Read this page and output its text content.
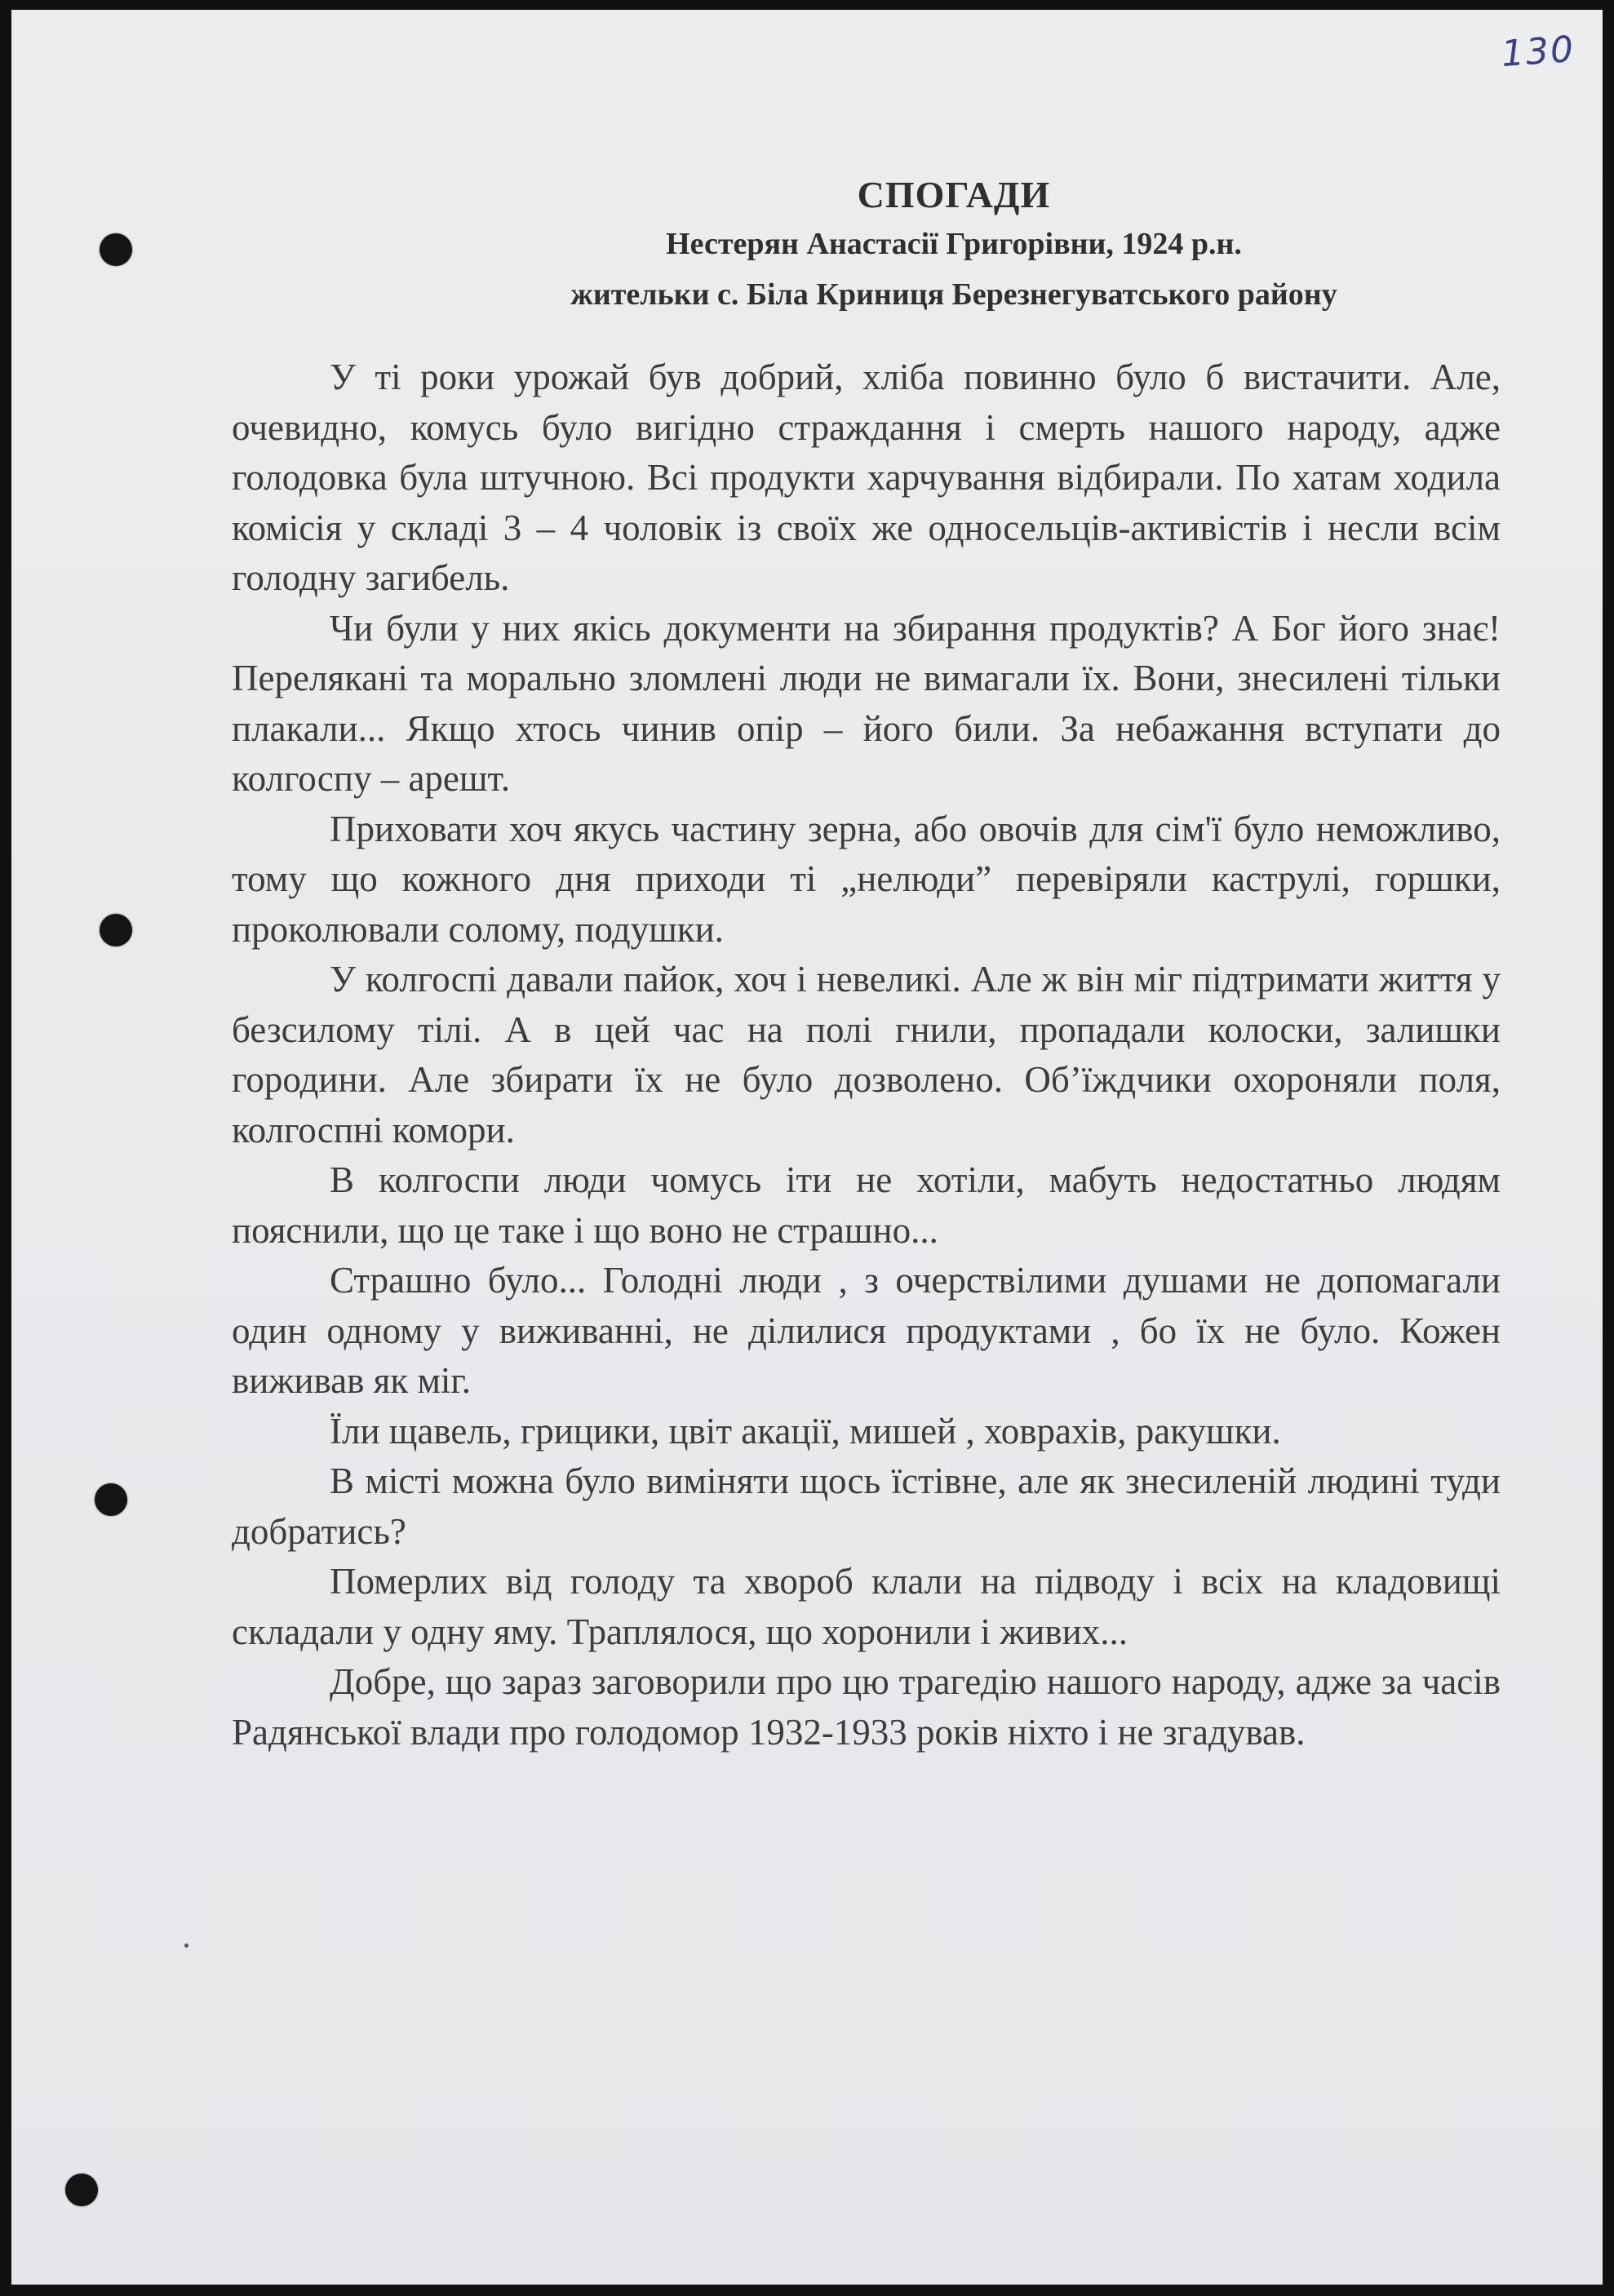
130
СПОГАДИ
Нестерян Анастасії Григорівни, 1924 р.н.
жительки с. Біла Криниця Березнегуватського району

У ті роки урожай був добрий, хліба повинно було б вистачити. Але, очевидно, комусь було вигідно страждання і смерть нашого народу, адже голодовка була штучною. Всі продукти харчування відбирали. По хатам ходила комісія у складі 3 – 4 чоловік із своїх же односельців-активістів і несли всім голодну загибель.

Чи були у них якісь документи на збирання продуктів? А Бог його знає! Перелякані та морально зломлені люди не вимагали їх. Вони, знесилені тільки плакали... Якщо хтось чинив опір – його били. За небажання вступати до колгоспу – арешт.

Приховати хоч якусь частину зерна, або овочів для сім'ї було неможливо, тому що кожного дня приходи ті „нелюди” перевіряли каструлі, горшки, проколювали солому, подушки.

У колгоспі давали пайок, хоч і невеликі. Але ж він міг підтримати життя у безсилому тілі. А в цей час на полі гнили, пропадали колоски, залишки городини. Але збирати їх не було дозволено. Об’їждчики охороняли поля, колгоспні комори.

В колгоспи люди чомусь іти не хотіли, мабуть недостатньо людям пояснили, що це таке і що воно не страшно...

Страшно було... Голодні люди , з очерствілими душами не допомагали один одному у виживанні, не ділилися продуктами , бо їх не було. Кожен виживав як міг.

Їли щавель, грицики, цвіт акації, мишей , ховрахів, ракушки.

В місті можна було виміняти щось їстівне, але як знесиленій людині туди добратись?

Померлих від голоду та хвороб клали на підводу і всіх на кладовищі складали у одну яму. Траплялося, що хоронили і живих...

Добре, що зараз заговорили про цю трагедію нашого народу, адже за часів Радянської влади про голодомор 1932-1933 років ніхто і не згадував.
